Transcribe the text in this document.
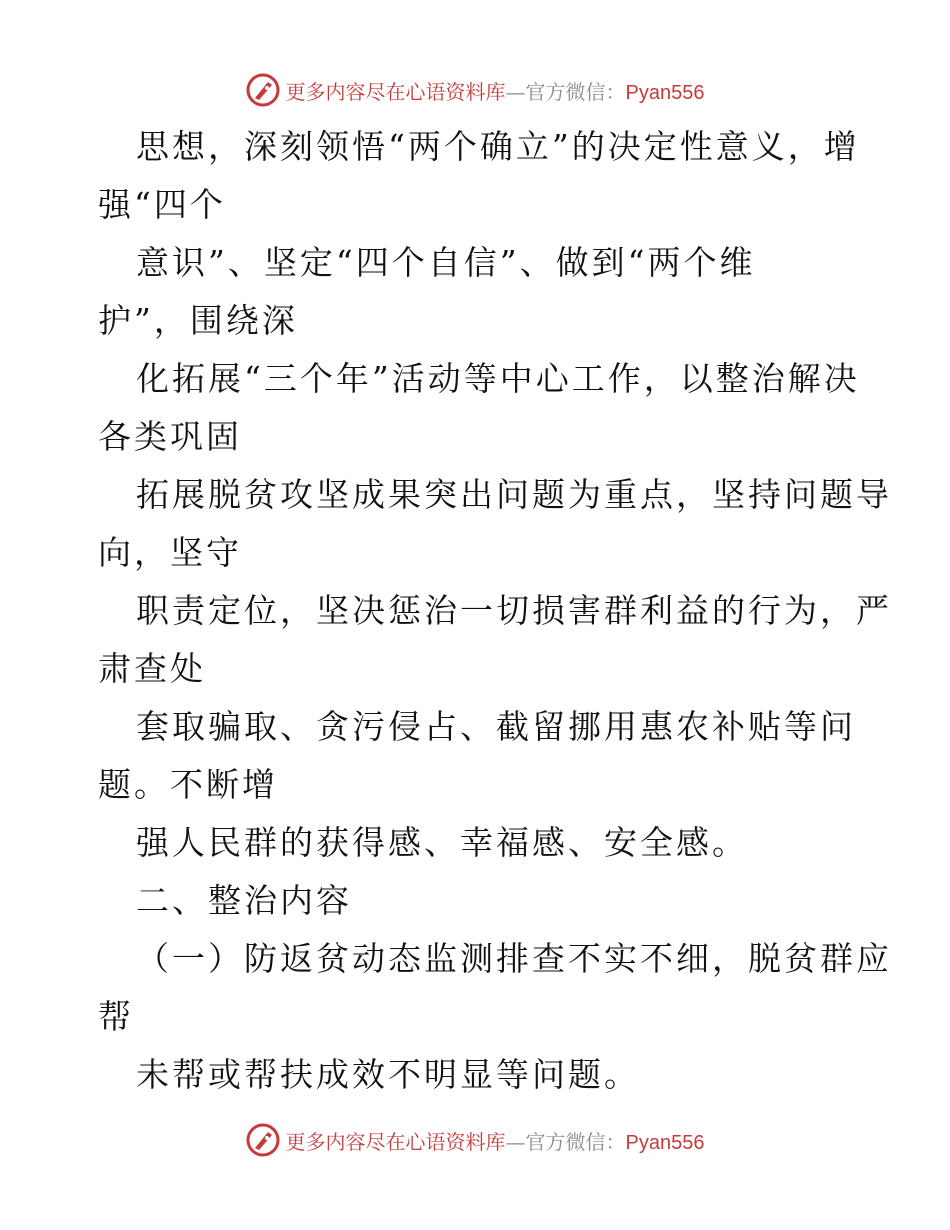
更多内容尽在心语资料库 — 官方微信： Pyan556
思想，深刻领悟“两个确立”的决定性意义，增
强“四个
意识”、坚定“四个自信”、做到“两个维
护”，围绕深
化拓展“三个年”活动等中心工作，以整治解决
各类巩固
拓展脱贫攻坚成果突出问题为重点，坚持问题导
向，坚守
职责定位，坚决惩治一切损害群利益的行为，严
肃查处
套取骗取、贪污侵占、截留挪用惠农补贴等问
题。不断增
强人民群的获得感、幸福感、安全感。
二、整治内容
（一）防返贫动态监测排查不实不细，脱贫群应
帮
未帮或帮扶成效不明显等问题。
更多内容尽在心语资料库 — 官方微信： Pyan556
